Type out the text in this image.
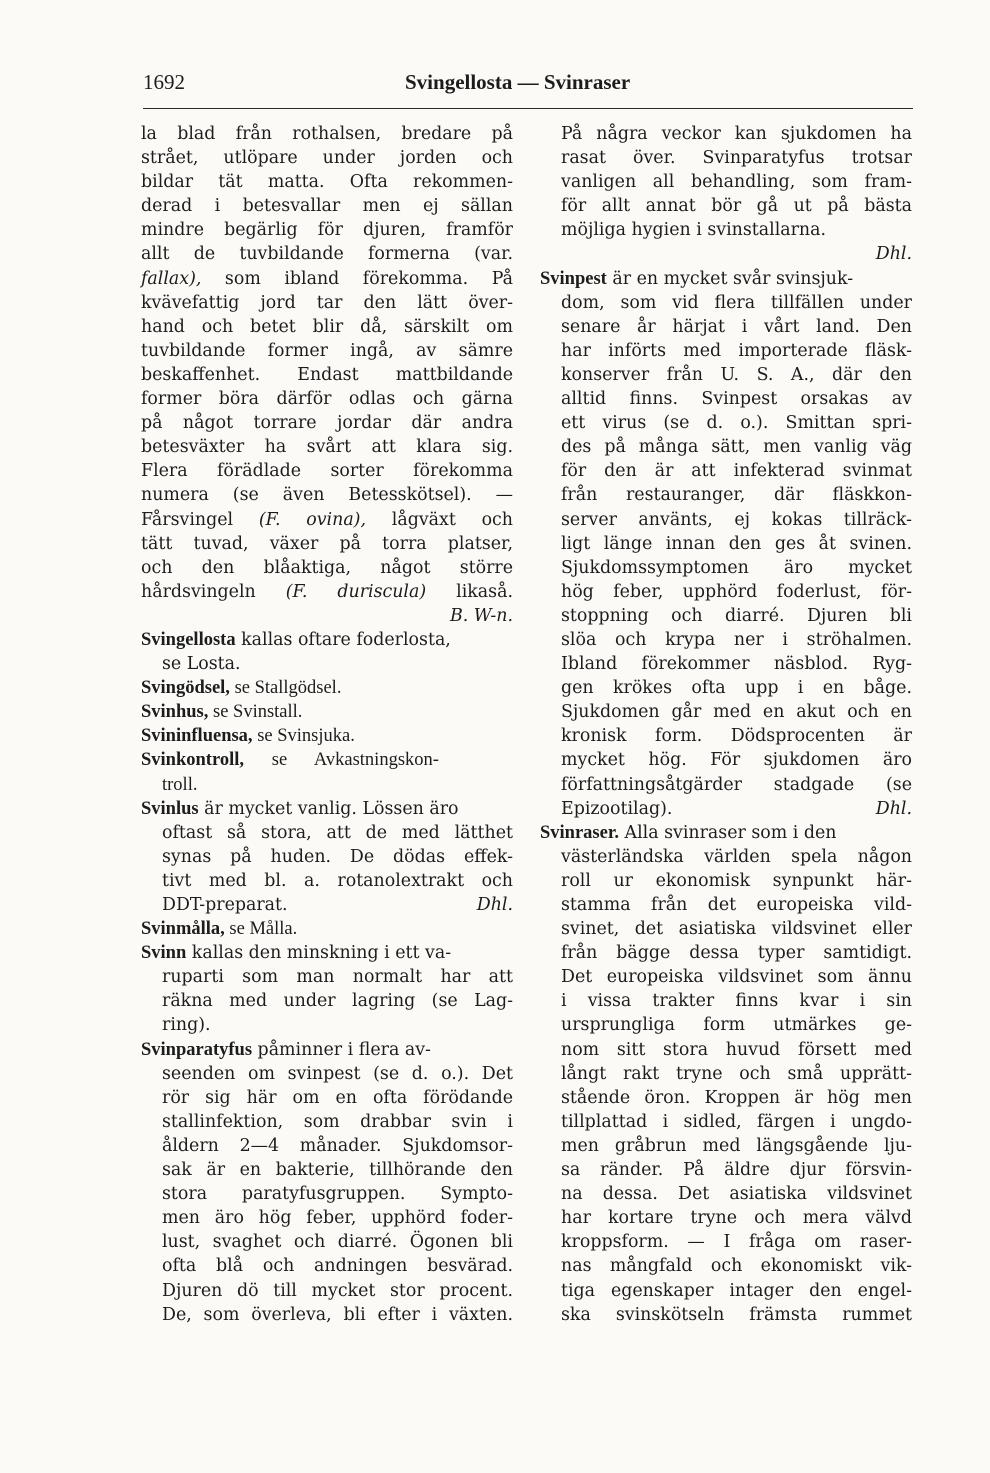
1692	Svingellosta — Svinraser
la blad från rothalsen, bredare på
strået, utlöpare under jorden och
bildar tät matta. Ofta rekommen-
derad i betesvallar men ej sällan
mindre begärlig för djuren, framför
allt de tuvbildande formerna (var.
fallax), som ibland förekomma. På
kvävefattig jord tar den lätt över-
hand och betet blir då, särskilt om
tuvbildande former ingå, av sämre
beskaffenhet. Endast mattbildande
former böra därför odlas och gärna
på något torrare jordar där andra
betesväxter ha svårt att klara sig.
Flera förädlade sorter förekomma
numera (se även Betesskötsel). —
Fårsvingel (F. ovina), lågväxt och
tätt tuvad, växer på torra platser,
och den blåaktiga, något större
hårdsvingeln (F. duriscula) likaså.
B. W-n.
Svingellosta kallas oftare foderlosta,
se Losta.
Svingödsel, se Stallgödsel.
Svinhus, se Svinstall.
Svininfluensa, se Svinsjuka.
Svinkontroll,      se      Avkastningskon-
troll.
Svinlus är mycket vanlig. Lössen äro
oftast så stora, att de med lätthet
synas på huden. De dödas effek-
tivt med bl. a. rotanolextrakt och
DDT-preparat.	Dhl.
Svinmålla, se Målla.
Svinn kallas den minskning i ett va-
ruparti som man normalt har att
räkna med under lagring (se Lag-
ring).
Svinparatyfus påminner i flera av-
seenden om svinpest (se d. o.). Det
rör sig här om en ofta förödande
stallinfektion, som drabbar svin i
åldern 2—4 månader. Sjukdomsor-
sak är en bakterie, tillhörande den
stora paratyfusgruppen. Sympto-
men äro hög feber, upphörd foder-
lust, svaghet och diarré. Ögonen bli
ofta blå och andningen besvärad.
Djuren dö till mycket stor procent.
De, som överleva, bli efter i växten.
På några veckor kan sjukdomen ha
rasat över. Svinparatyfus trotsar
vanligen all behandling, som fram-
för allt annat bör gå ut på bästa
möjliga hygien i svinstallarna.
Dhl.
Svinpest är en mycket svår svinsjuk-
dom, som vid flera tillfällen under
senare år härjat i vårt land. Den
har införts med importerade fläsk-
konserver från U. S. A., där den
alltid finns. Svinpest orsakas av
ett virus (se d. o.). Smittan spri-
des på många sätt, men vanlig väg
för den är att infekterad svinmat
från restauranger, där fläskkon-
server använts, ej kokas tillräck-
ligt länge innan den ges åt svinen.
Sjukdomssymptomen äro mycket
hög feber, upphörd foderlust, för-
stoppning och diarré. Djuren bli
slöa och krypa ner i ströhalmen.
Ibland förekommer näsblod. Ryg-
gen krökes ofta upp i en båge.
Sjukdomen går med en akut och en
kronisk form. Dödsprocenten är
mycket hög. För sjukdomen äro
författningsåtgärder stadgade (se
Epizootilag).	Dhl.
Svinraser. Alla svinraser som i den
västerländska världen spela någon
roll ur ekonomisk synpunkt här-
stamma från det europeiska vild-
svinet, det asiatiska vildsvinet eller
från bägge dessa typer samtidigt.
Det europeiska vildsvinet som ännu
i vissa trakter finns kvar i sin
ursprungliga form utmärkes ge-
nom sitt stora huvud försett med
långt rakt tryne och små upprätt-
stående öron. Kroppen är hög men
tillplattad i sidled, färgen i ungdo-
men gråbrun med längsgående lju-
sa ränder. På äldre djur försvin-
na dessa. Det asiatiska vildsvinet
har kortare tryne och mera välvd
kroppsform. — I fråga om raser-
nas mångfald och ekonomiskt vik-
tiga egenskaper intager den engel-
ska svinskötseln främsta rummet
